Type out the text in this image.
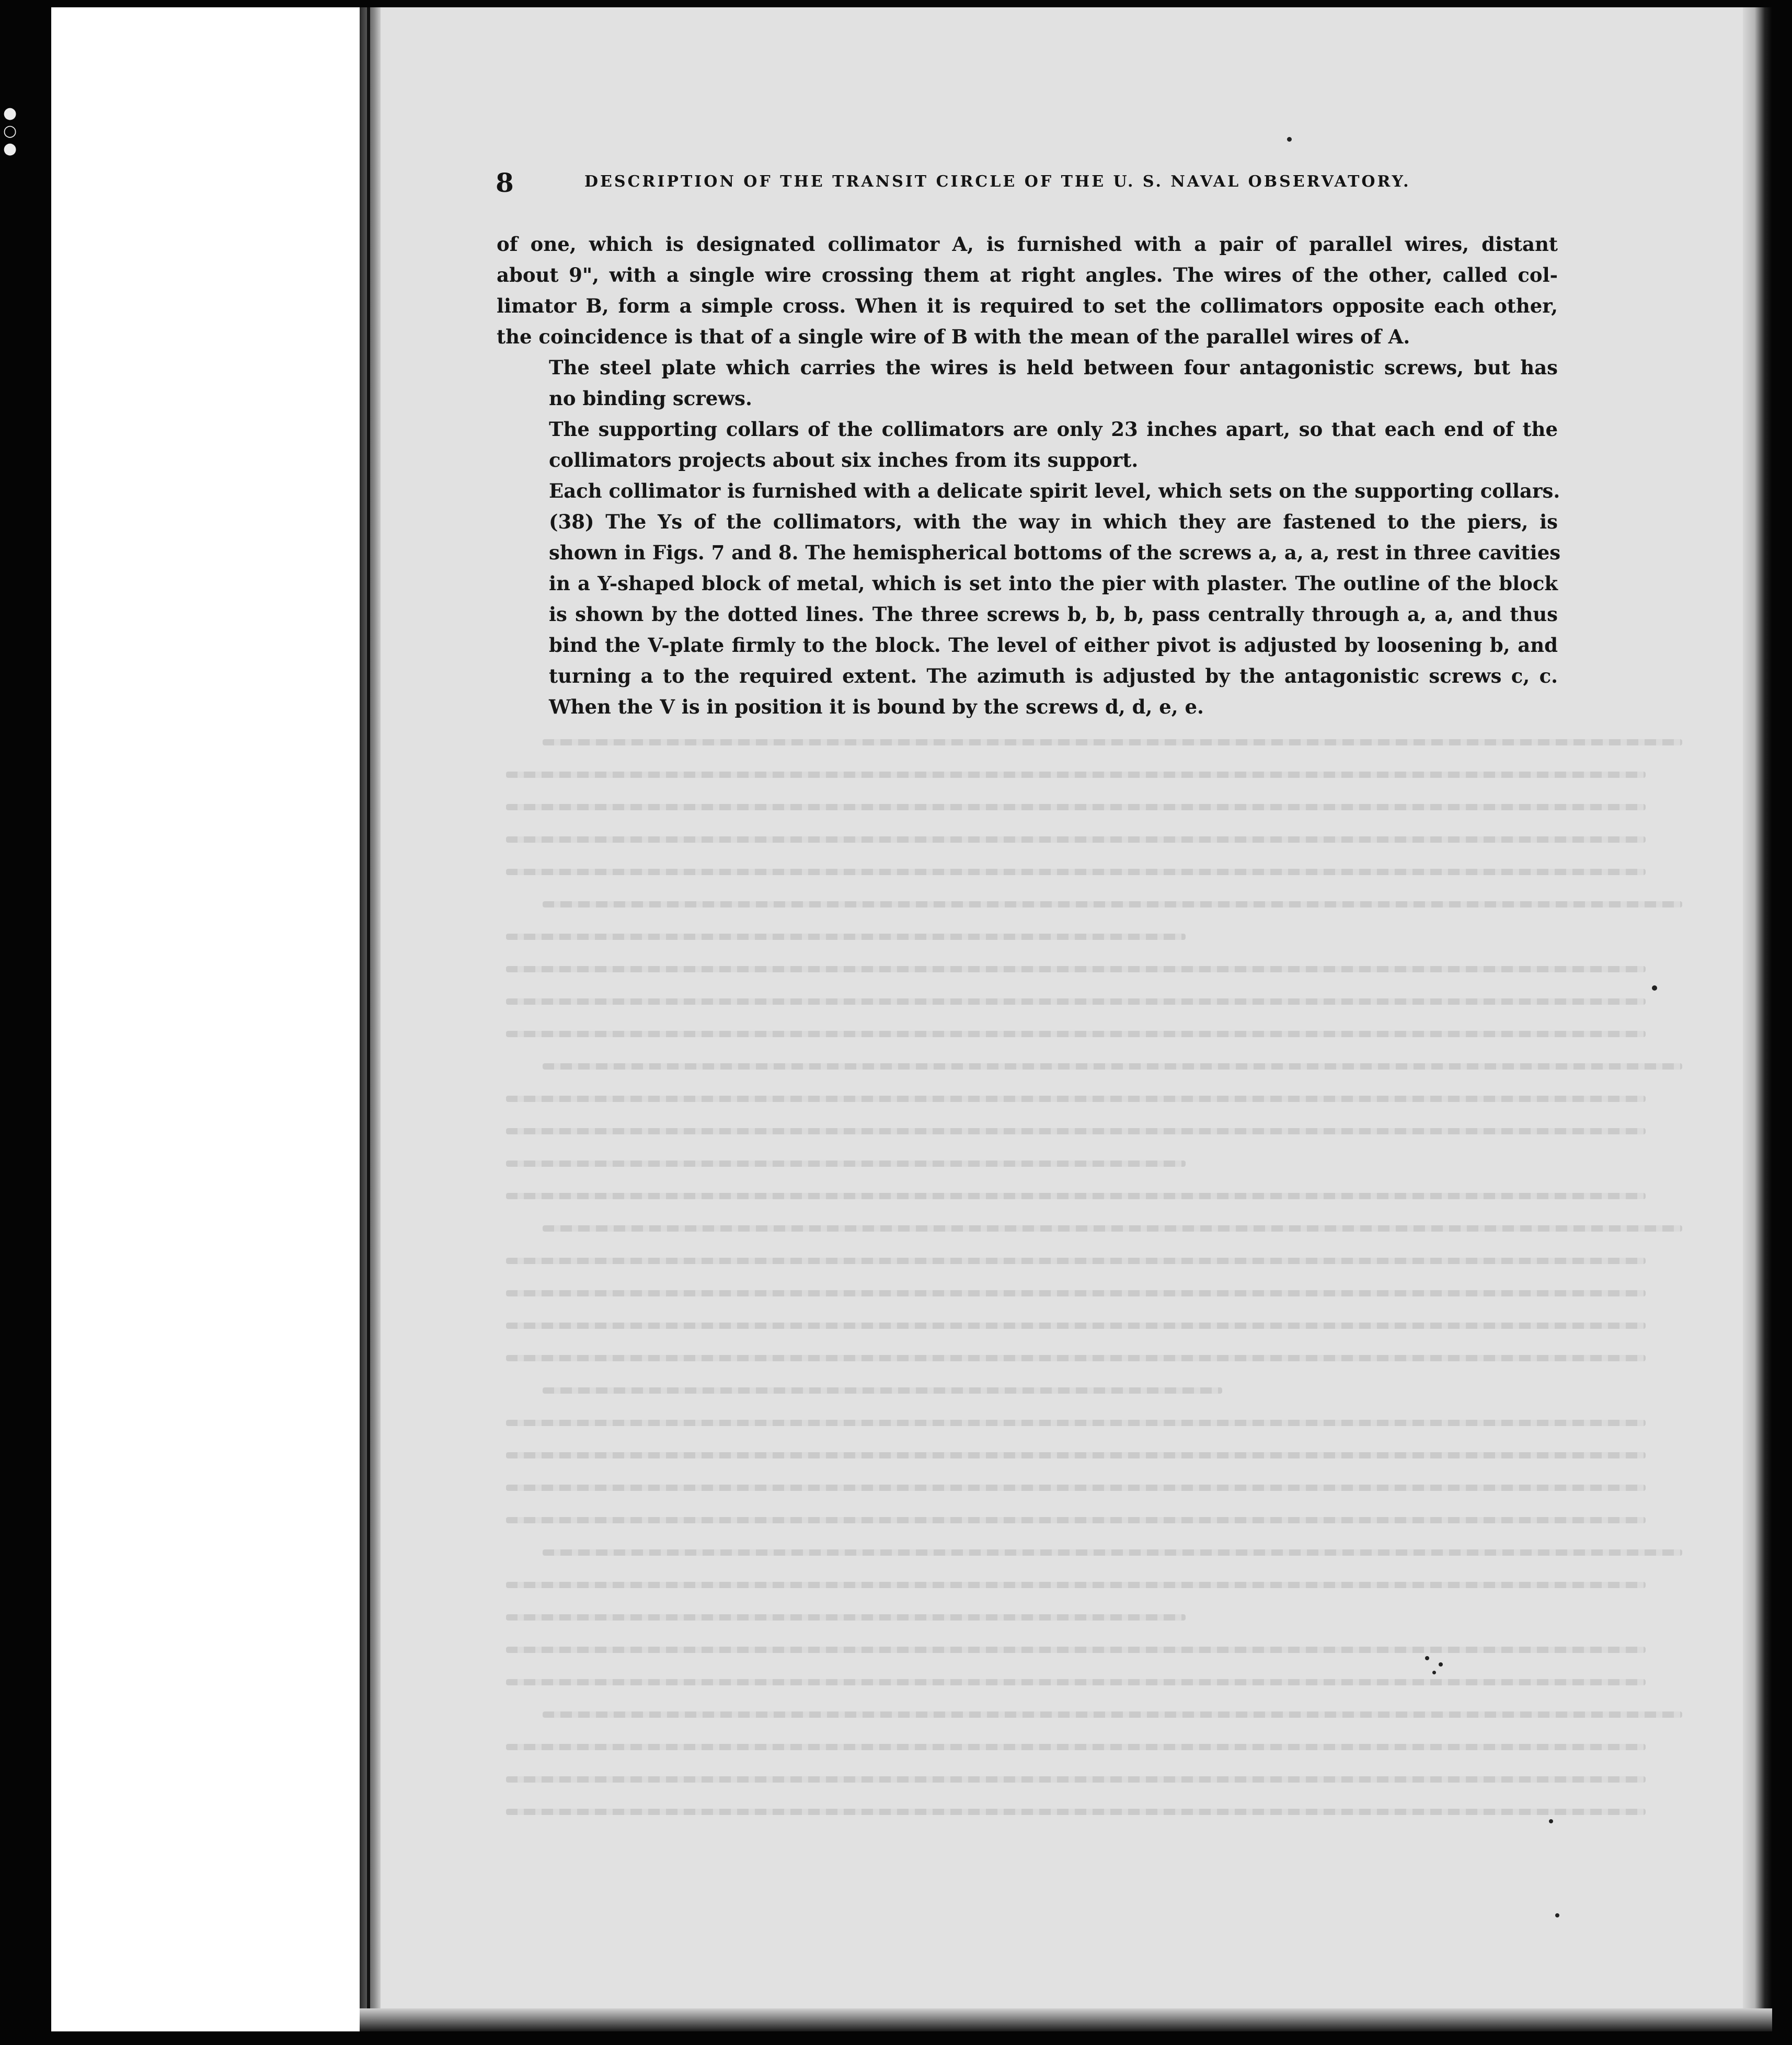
●
○
●
8	DESCRIPTION OF THE TRANSIT CIRCLE OF THE U. S. NAVAL OBSERVATORY.

of one, which is designated collimator A, is furnished with a pair of parallel wires, distant
about 9", with a single wire crossing them at right angles. The wires of the other, called col-
limator B, form a simple cross. When it is required to set the collimators opposite each other,
the coincidence is that of a single wire of B with the mean of the parallel wires of A.

The steel plate which carries the wires is held between four antagonistic screws, but has
no binding screws.

The supporting collars of the collimators are only 23 inches apart, so that each end of the
collimators projects about six inches from its support.

Each collimator is furnished with a delicate spirit level, which sets on the supporting collars.

(38) The Ys of the collimators, with the way in which they are fastened to the piers, is
shown in Figs. 7 and 8. The hemispherical bottoms of the screws a, a, a, rest in three cavities
in a Y-shaped block of metal, which is set into the pier with plaster. The outline of the block
is shown by the dotted lines. The three screws b, b, b, pass centrally through a, a, and thus
bind the V-plate firmly to the block. The level of either pivot is adjusted by loosening b, and
turning a to the required extent. The azimuth is adjusted by the antagonistic screws c, c.
When the V is in position it is bound by the screws d, d, e, e.
